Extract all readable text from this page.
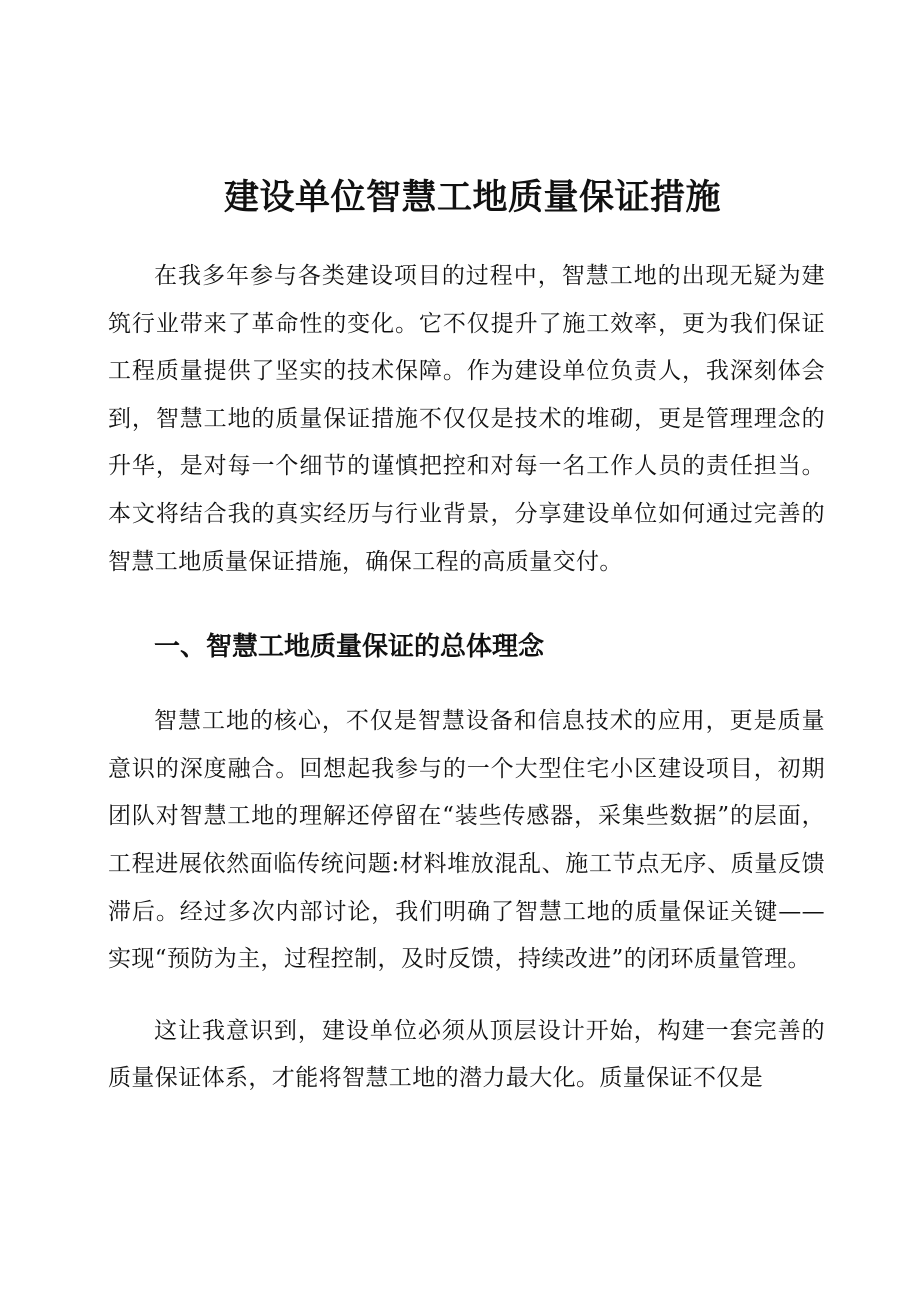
建设单位智慧工地质量保证措施

在我多年参与各类建设项目的过程中，智慧工地的出现无疑为建筑行业带来了革命性的变化。它不仅提升了施工效率，更为我们保证工程质量提供了坚实的技术保障。作为建设单位负责人，我深刻体会到，智慧工地的质量保证措施不仅仅是技术的堆砌，更是管理理念的升华，是对每一个细节的谨慎把控和对每一名工作人员的责任担当。本文将结合我的真实经历与行业背景，分享建设单位如何通过完善的智慧工地质量保证措施，确保工程的高质量交付。

一、智慧工地质量保证的总体理念

智慧工地的核心，不仅是智慧设备和信息技术的应用，更是质量意识的深度融合。回想起我参与的一个大型住宅小区建设项目，初期团队对智慧工地的理解还停留在“装些传感器，采集些数据”的层面，工程进展依然面临传统问题:材料堆放混乱、施工节点无序、质量反馈滞后。经过多次内部讨论，我们明确了智慧工地的质量保证关键——实现“预防为主，过程控制，及时反馈，持续改进”的闭环质量管理。

这让我意识到，建设单位必须从顶层设计开始，构建一套完善的质量保证体系，才能将智慧工地的潜力最大化。质量保证不仅是
